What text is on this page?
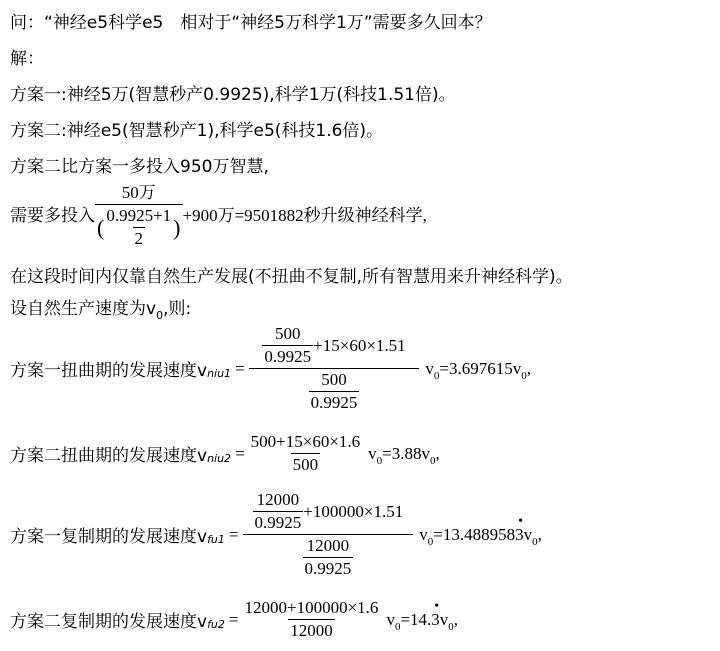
问：“神经e5科学e5　相对于“神经5万科学1万”需要多久回本？
解：
方案一:神经5万(智慧秒产0.9925),科学1万(科技1.51倍)。
方案二:神经e5(智慧秒产1),科学e5(科技1.6倍)。
方案二比方案一多投入950万智慧,
需要多投入 $\frac{\text{50万}}{( \frac{0.9925+1}{2} )} +900$万=9501882秒升级神经科学,
在这段时间内仅靠自然生产发展(不扭曲不复制,所有智慧用来升神经科学)。
设自然生产速度为$v_0$,则:
方案一扭曲期的发展速度v $niu1 = \frac{\frac{500}{0.9925} +15\times 60\times 1.51}{\frac{500}{0.9925}} v_0=3.697615v_0$,
方案二扭曲期的发展速度v $niu2 = \frac{500+15\times 60\times 1.6}{500} v_0=3.88v_0$,
方案一复制期的发展速度v $fu1 = \frac{\frac{12000}{0.9925} +100000\times 1.51}{\frac{12000}{0.9925}} v_0=13.4889583$
•
$v_0$,
方案二复制期的发展速度v $fu2 = \frac{12000+100000\times 1.6}{12000} v_0=14.3$
•
$v_0$,
